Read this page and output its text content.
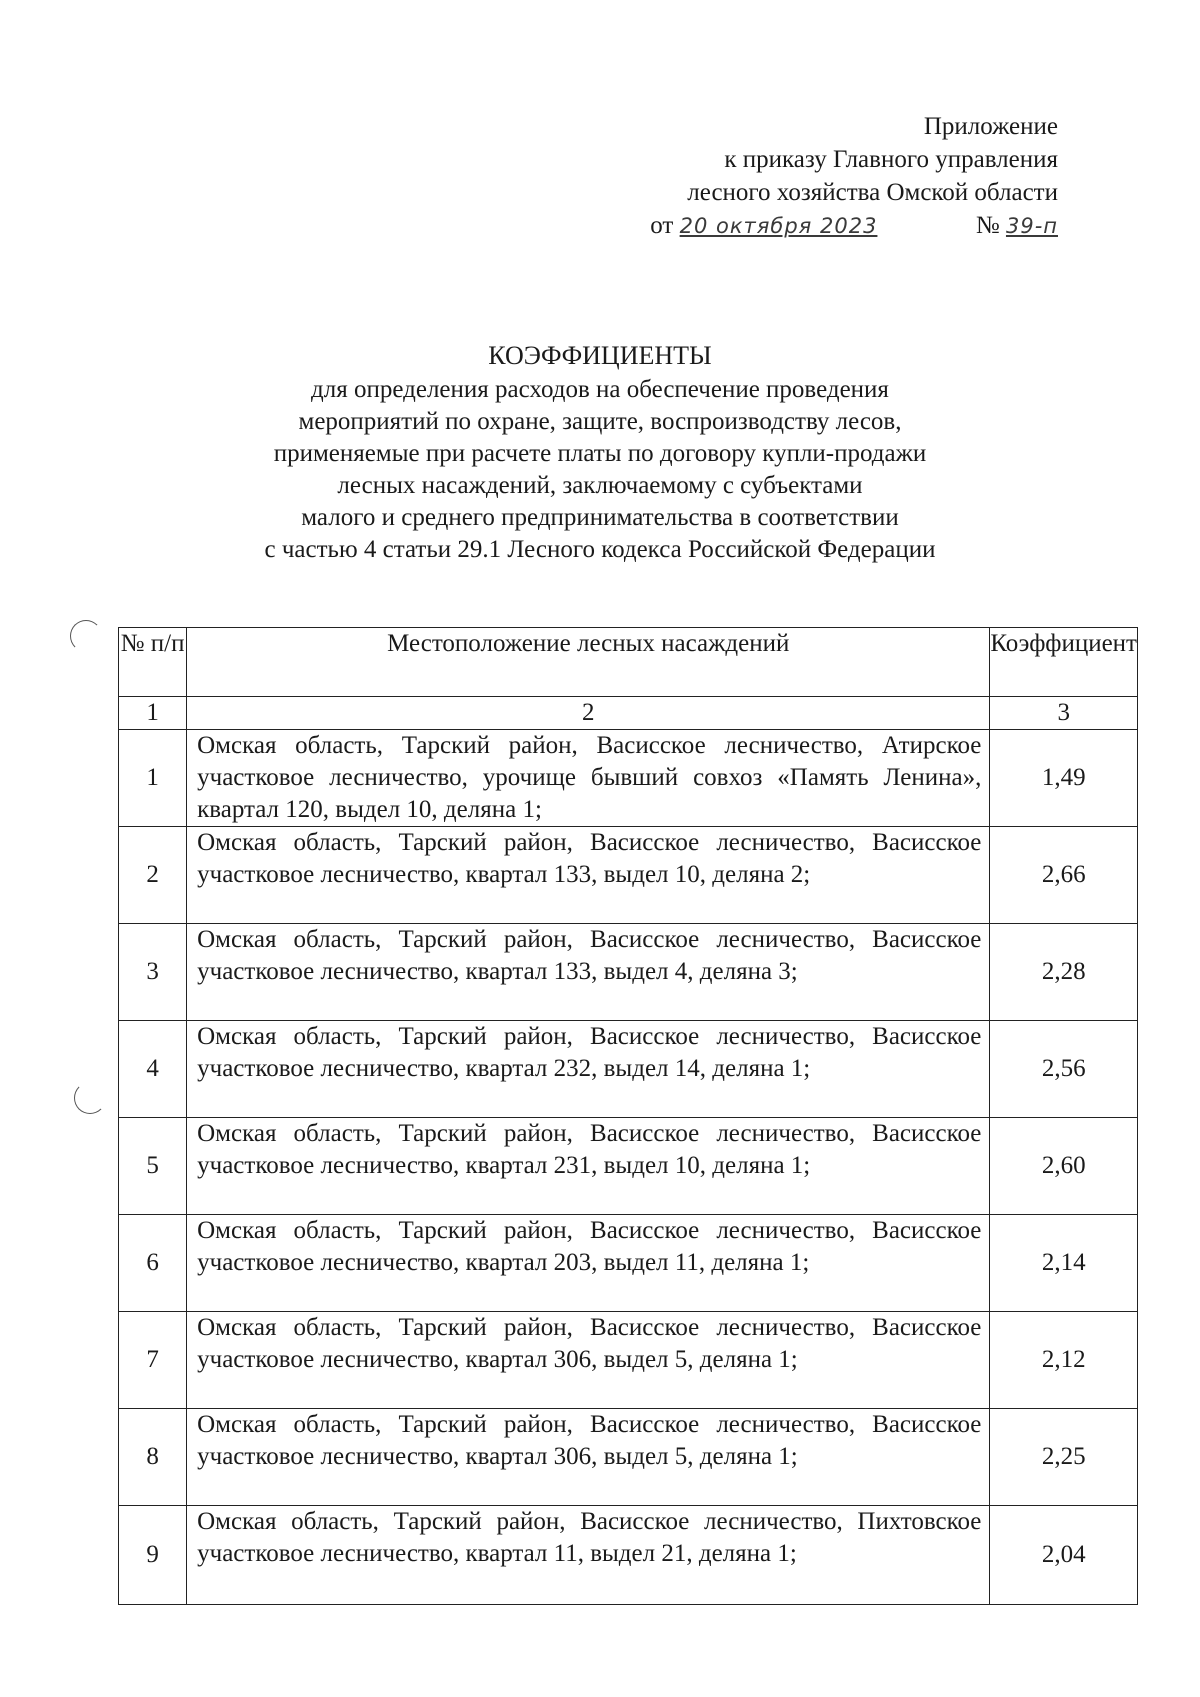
Приложение
к приказу Главного управления
лесного хозяйства Омской области
от 20 октября 2023	№ 39-п
КОЭФФИЦИЕНТЫ
для определения расходов на обеспечение проведения
мероприятий по охране, защите, воспроизводству лесов,
применяемые при расчете платы по договору купли-продажи
лесных насаждений, заключаемому с субъектами
малого и среднего предпринимательства в соответствии
с частью 4 статьи 29.1 Лесного кодекса Российской Федерации
№ п/п	Местоположение лесных насаждений	Коэффициент
1	2	3
1	Омская область, Тарский район, Васисское лесничество, Атирское участковое лесничество, урочище бывший совхоз «Память Ленина», квартал 120, выдел 10, деляна 1;	1,49
2	Омская область, Тарский район, Васисское лесничество, Васисское участковое лесничество, квартал 133, выдел 10, деляна 2;	2,66
3	Омская область, Тарский район, Васисское лесничество, Васисское участковое лесничество, квартал 133, выдел 4, деляна 3;	2,28
4	Омская область, Тарский район, Васисское лесничество, Васисское участковое лесничество, квартал 232, выдел 14, деляна 1;	2,56
5	Омская область, Тарский район, Васисское лесничество, Васисское участковое лесничество, квартал 231, выдел 10, деляна 1;	2,60
6	Омская область, Тарский район, Васисское лесничество, Васисское участковое лесничество, квартал 203, выдел 11, деляна 1;	2,14
7	Омская область, Тарский район, Васисское лесничество, Васисское участковое лесничество, квартал 306, выдел 5, деляна 1;	2,12
8	Омская область, Тарский район, Васисское лесничество, Васисское участковое лесничество, квартал 306, выдел 5, деляна 1;	2,25
9	Омская область, Тарский район, Васисское лесничество, Пихтовское участковое лесничество, квартал 11, выдел 21, деляна 1;	2,04
